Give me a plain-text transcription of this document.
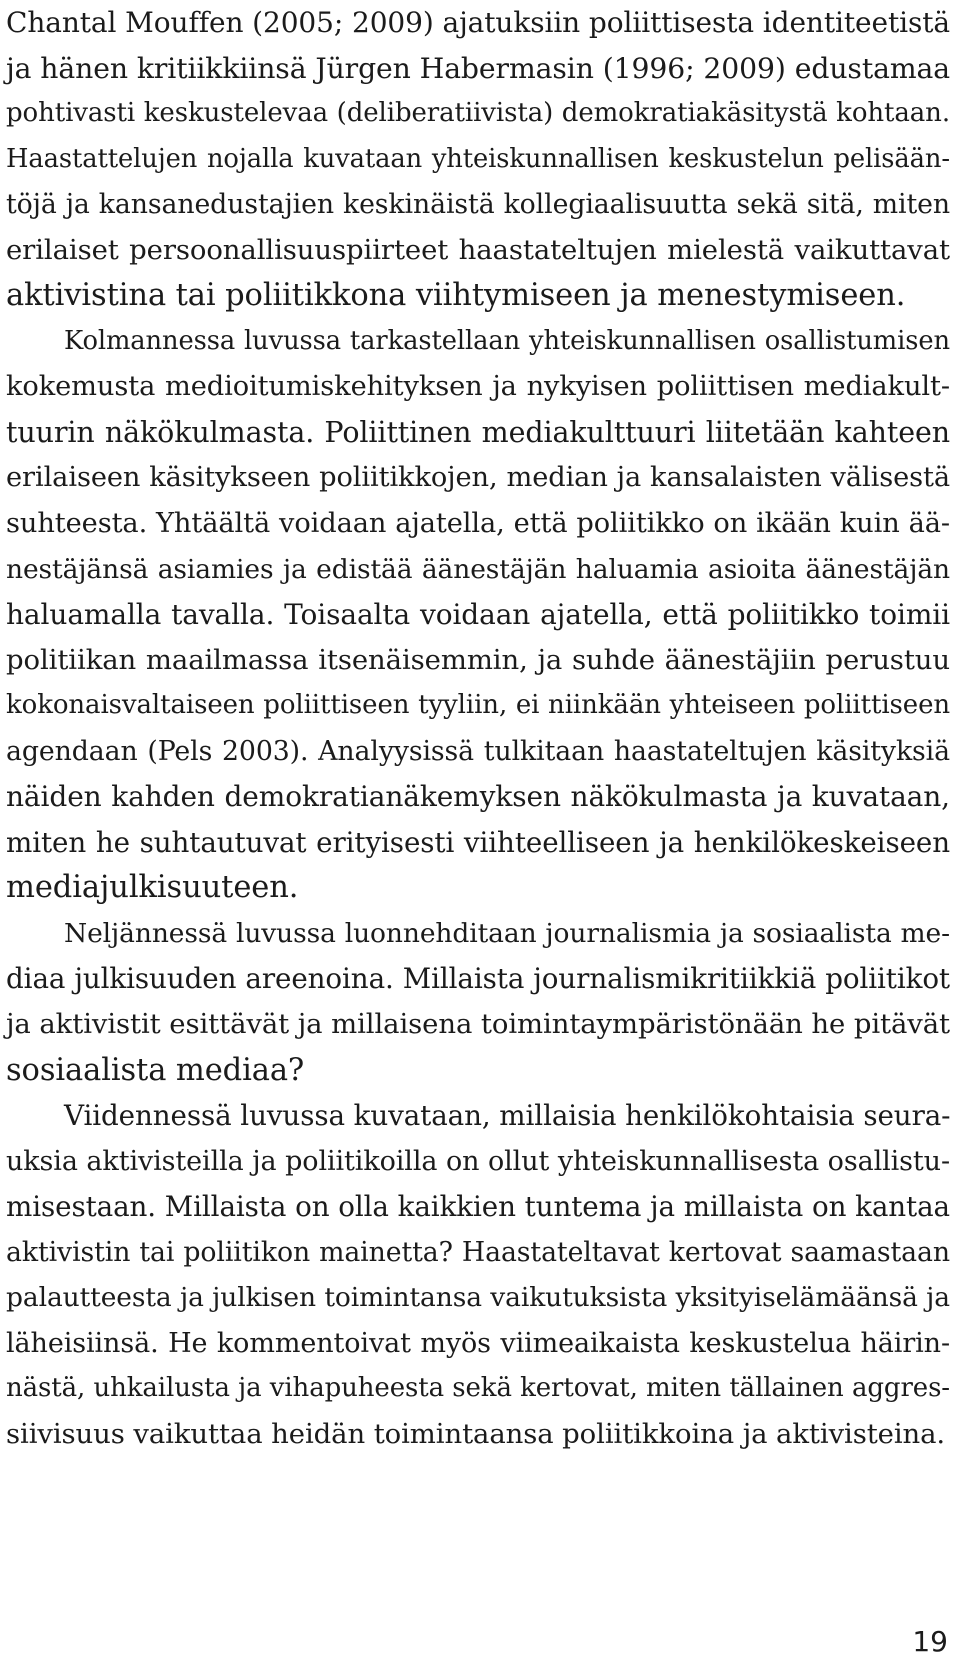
Chantal Mouffen (2005; 2009) ajatuksiin poliittisesta identiteetistä
ja hänen kritiikkiinsä Jürgen Habermasin (1996; 2009) edustamaa
pohtivasti keskustelevaa (deliberatiivista) demokratiakäsitystä kohtaan.
Haastattelujen nojalla kuvataan yhteiskunnallisen keskustelun pelisään-
töjä ja kansanedustajien keskinäistä kollegiaalisuutta sekä sitä, miten
erilaiset persoonallisuuspiirteet haastateltujen mielestä vaikuttavat
aktivistina tai poliitikkona viihtymiseen ja menestymiseen.
Kolmannessa luvussa tarkastellaan yhteiskunnallisen osallistumisen
kokemusta medioitumiskehityksen ja nykyisen poliittisen mediakult-
tuurin näkökulmasta. Poliittinen mediakulttuuri liitetään kahteen
erilaiseen käsitykseen poliitikkojen, median ja kansalaisten välisestä
suhteesta. Yhtäältä voidaan ajatella, että poliitikko on ikään kuin ää-
nestäjänsä asiamies ja edistää äänestäjän haluamia asioita äänestäjän
haluamalla tavalla. Toisaalta voidaan ajatella, että poliitikko toimii
politiikan maailmassa itsenäisemmin, ja suhde äänestäjiin perustuu
kokonaisvaltaiseen poliittiseen tyyliin, ei niinkään yhteiseen poliittiseen
agendaan (Pels 2003). Analyysissä tulkitaan haastateltujen käsityksiä
näiden kahden demokratianäkemyksen näkökulmasta ja kuvataan,
miten he suhtautuvat erityisesti viihteelliseen ja henkilökeskeiseen
mediajulkisuuteen.
Neljännessä luvussa luonnehditaan journalismia ja sosiaalista me-
diaa julkisuuden areenoina. Millaista journalismikritiikkiä poliitikot
ja aktivistit esittävät ja millaisena toimintaympäristönään he pitävät
sosiaalista mediaa?
Viidennessä luvussa kuvataan, millaisia henkilökohtaisia seura-
uksia aktivisteilla ja poliitikoilla on ollut yhteiskunnallisesta osallistu-
misestaan. Millaista on olla kaikkien tuntema ja millaista on kantaa
aktivistin tai poliitikon mainetta? Haastateltavat kertovat saamastaan
palautteesta ja julkisen toimintansa vaikutuksista yksityiselämäänsä ja
läheisiinsä. He kommentoivat myös viimeaikaista keskustelua häirin-
nästä, uhkailusta ja vihapuheesta sekä kertovat, miten tällainen aggres-
siivisuus vaikuttaa heidän toimintaansa poliitikkoina ja aktivisteina.
19
